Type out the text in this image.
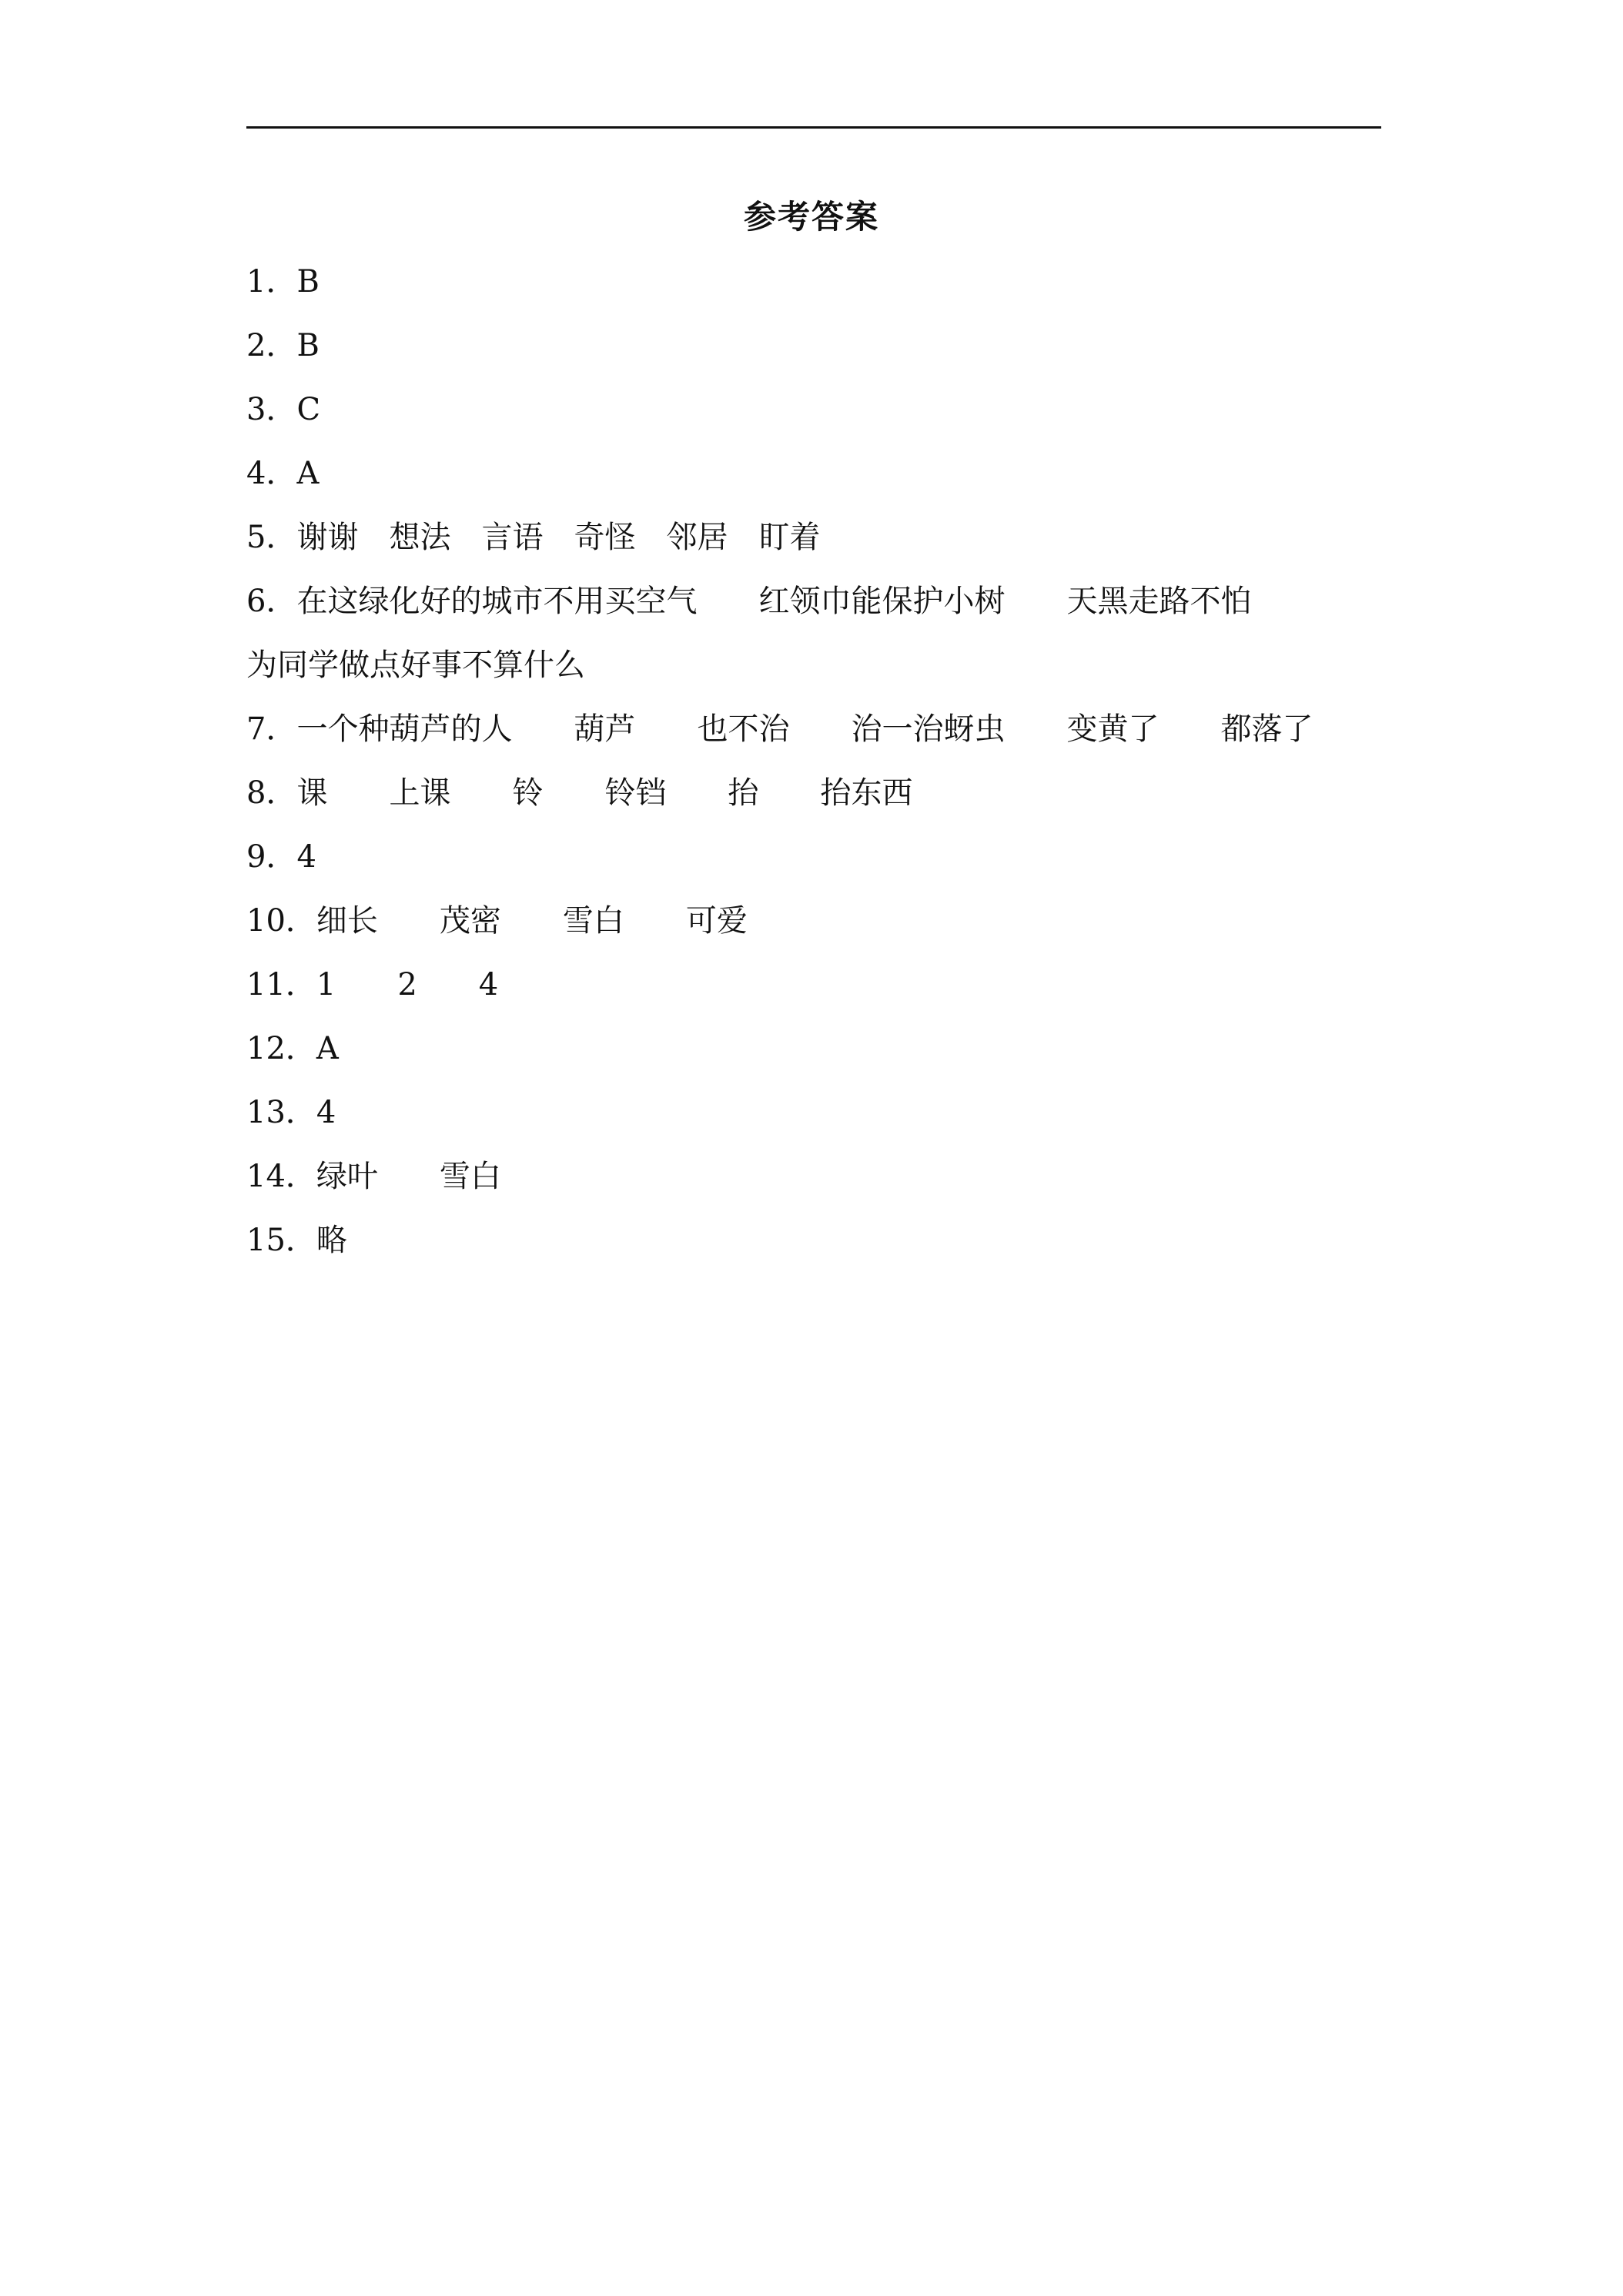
参考答案
1．B
2．B
3．C
4．A
5．谢谢　想法　言语　奇怪　邻居　盯着
6．在这绿化好的城市不用买空气　　红领巾能保护小树　　天黑走路不怕
为同学做点好事不算什么
7．一个种葫芦的人　　葫芦　　也不治　　治一治蚜虫　　变黄了　　都落了
8．课　　上课　　铃　　铃铛　　抬　　抬东西
9．4
10．细长　　茂密　　雪白　　可爱
11．1　　2　　4
12．A
13．4
14．绿叶　　雪白
15．略
